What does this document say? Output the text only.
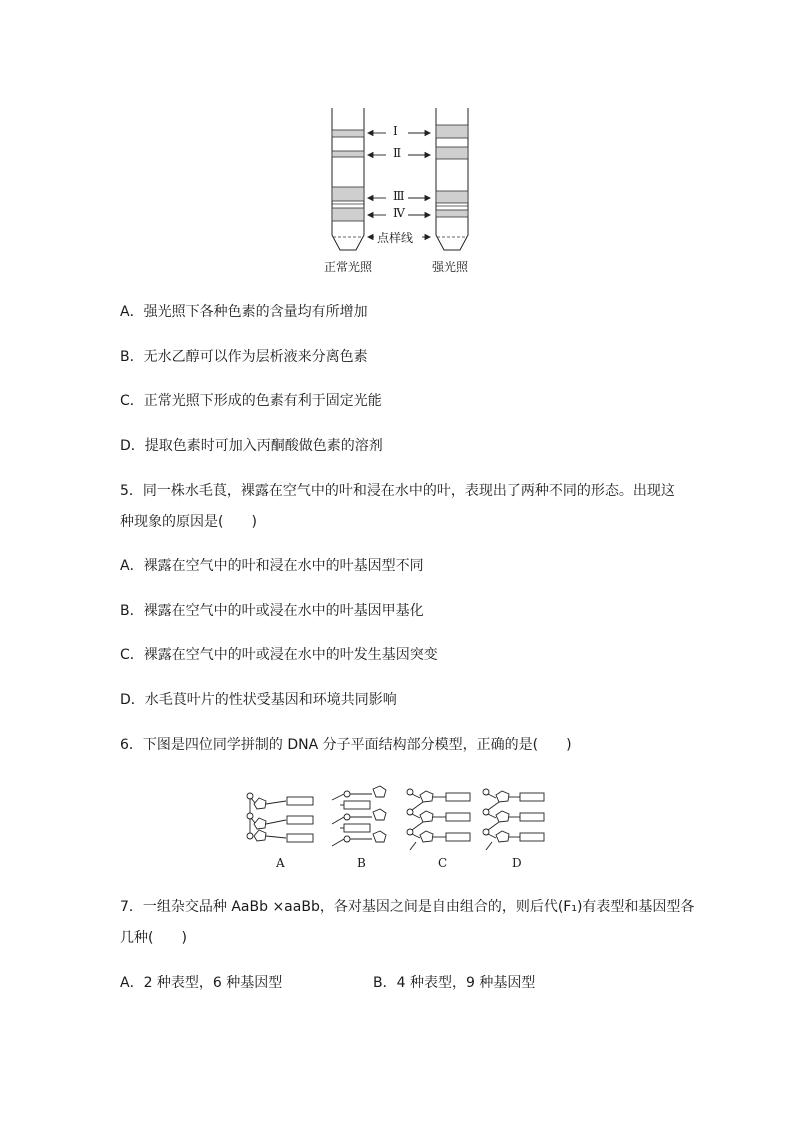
Ⅰ
Ⅱ
Ⅲ
Ⅳ
点样线
正常光照	强光照
A．强光照下各种色素的含量均有所增加
B．无水乙醇可以作为层析液来分离色素
C．正常光照下形成的色素有利于固定光能
D．提取色素时可加入丙酮酸做色素的溶剂
5．同一株水毛茛，裸露在空气中的叶和浸在水中的叶，表现出了两种不同的形态。出现这
种现象的原因是(　　)
A．裸露在空气中的叶和浸在水中的叶基因型不同
B．裸露在空气中的叶或浸在水中的叶基因甲基化
C．裸露在空气中的叶或浸在水中的叶发生基因突变
D．水毛茛叶片的性状受基因和环境共同影响
6．下图是四位同学拼制的 DNA 分子平面结构部分模型，正确的是(　　)
A	B	C	D
7．一组杂交品种 AaBb ×aaBb，各对基因之间是自由组合的，则后代(F₁)有表型和基因型各
几种(　　)
A．2 种表型，6 种基因型	B．4 种表型，9 种基因型
